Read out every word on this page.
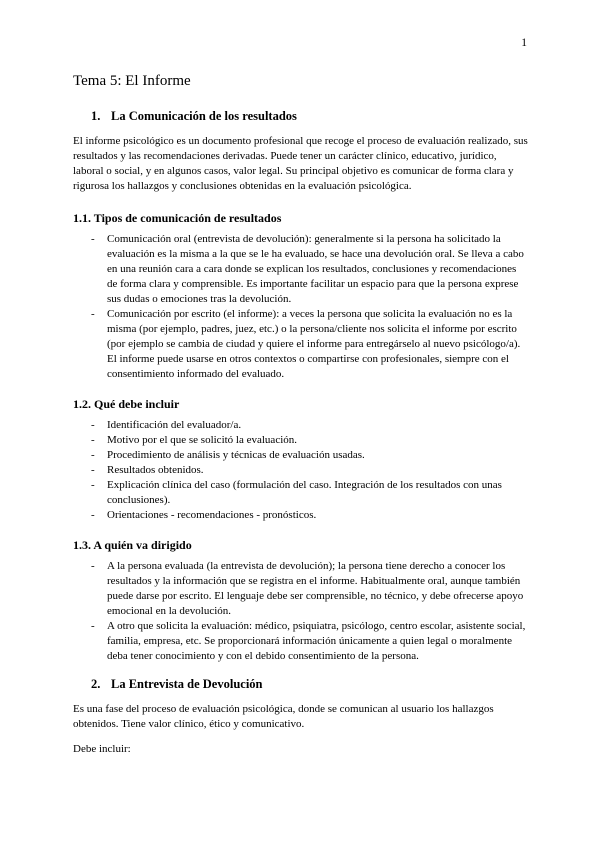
1
Tema 5: El Informe
1. La Comunicación de los resultados

El informe psicológico es un documento profesional que recoge el proceso de evaluación realizado, sus resultados y las recomendaciones derivadas. Puede tener un carácter clínico, educativo, jurídico, laboral o social, y en algunos casos, valor legal. Su principal objetivo es comunicar de forma clara y rigurosa los hallazgos y conclusiones obtenidas en la evaluación psicológica.

1.1. Tipos de comunicación de resultados
- Comunicación oral (entrevista de devolución): generalmente si la persona ha solicitado la evaluación es la misma a la que se le ha evaluado, se hace una devolución oral. Se lleva a cabo en una reunión cara a cara donde se explican los resultados, conclusiones y recomendaciones de forma clara y comprensible. Es importante facilitar un espacio para que la persona exprese sus dudas o emociones tras la devolución.
- Comunicación por escrito (el informe): a veces la persona que solicita la evaluación no es la misma (por ejemplo, padres, juez, etc.) o la persona/cliente nos solicita el informe por escrito (por ejemplo se cambia de ciudad y quiere el informe para entregárselo al nuevo psicólogo/a). El informe puede usarse en otros contextos o compartirse con profesionales, siempre con el consentimiento informado del evaluado.
1.2. Qué debe incluir
- Identificación del evaluador/a.
- Motivo por el que se solicitó la evaluación.
- Procedimiento de análisis y técnicas de evaluación usadas.
- Resultados obtenidos.
- Explicación clínica del caso (formulación del caso. Integración de los resultados con unas conclusiones).
- Orientaciones - recomendaciones - pronósticos.
1.3. A quién va dirigido
- A la persona evaluada (la entrevista de devolución); la persona tiene derecho a conocer los resultados y la información que se registra en el informe. Habitualmente oral, aunque también puede darse por escrito. El lenguaje debe ser comprensible, no técnico, y debe ofrecerse apoyo emocional en la devolución.
- A otro que solicita la evaluación: médico, psiquiatra, psicólogo, centro escolar, asistente social, familia, empresa, etc. Se proporcionará información únicamente a quien legal o moralmente deba tener conocimiento y con el debido consentimiento de la persona.
2. La Entrevista de Devolución

Es una fase del proceso de evaluación psicológica, donde se comunican al usuario los hallazgos obtenidos. Tiene valor clínico, ético y comunicativo.

Debe incluir:
